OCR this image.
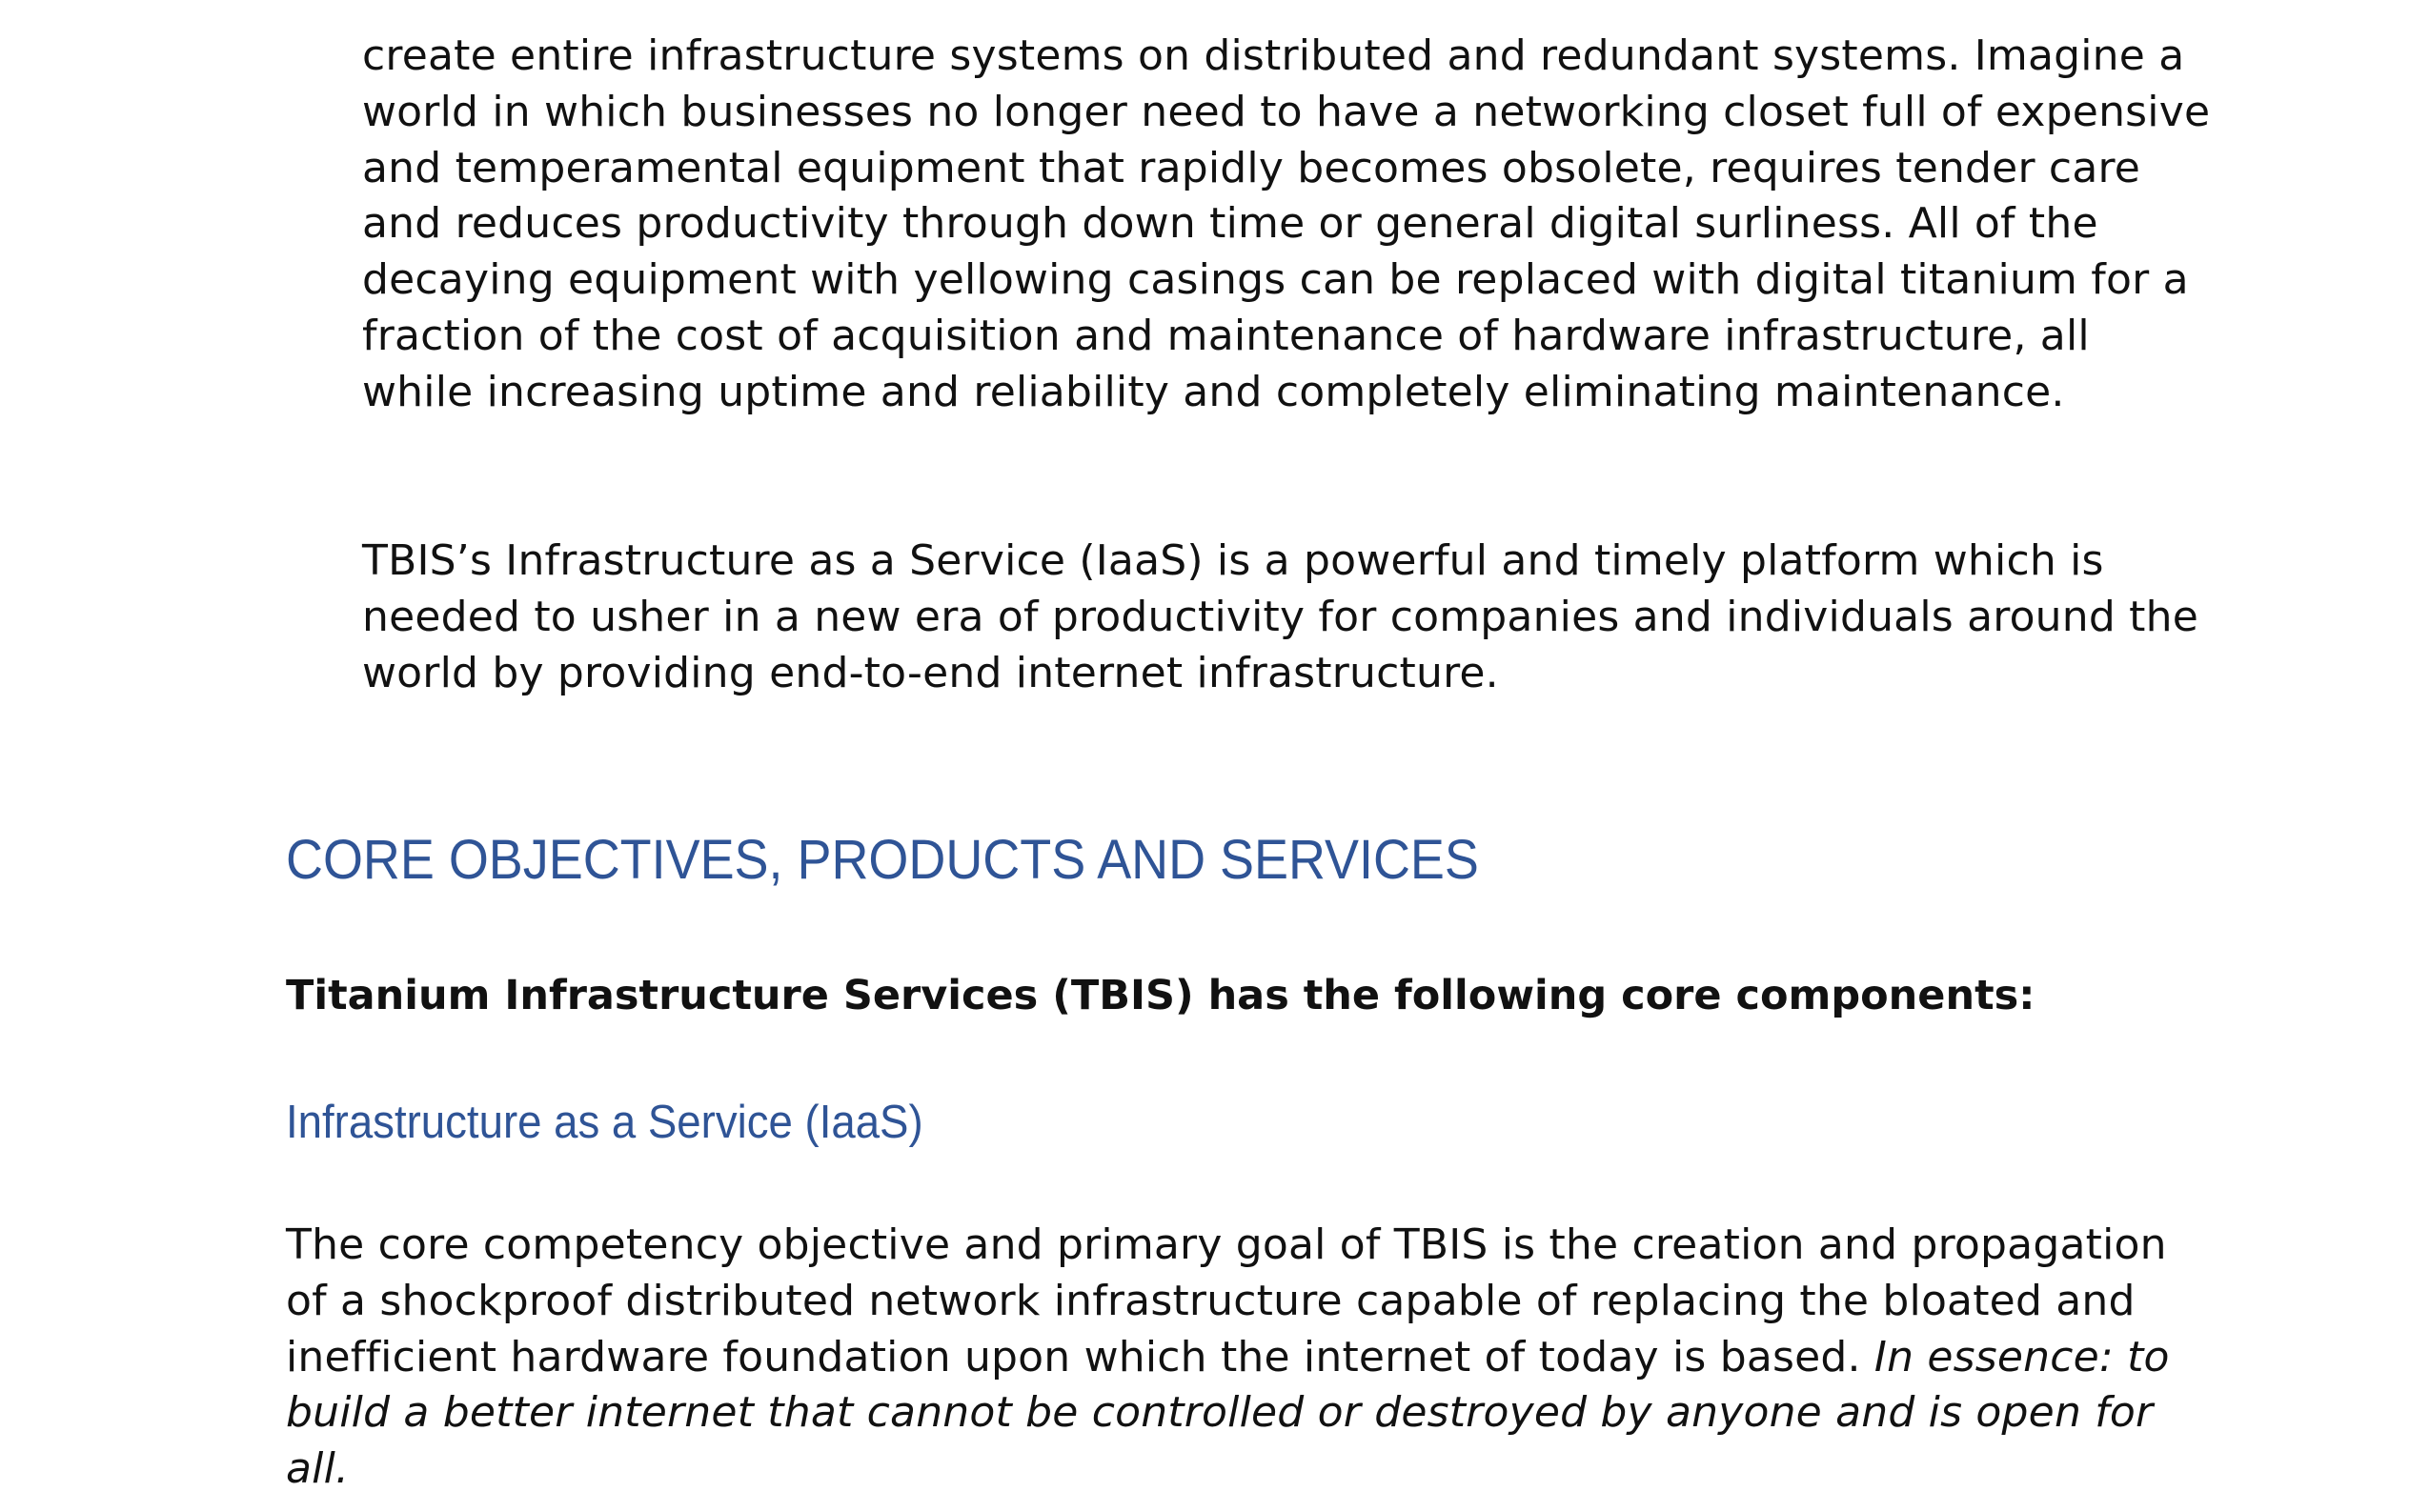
create entire infrastructure systems on distributed and redundant systems. Imagine a world in which businesses no longer need to have a networking closet full of expensive and temperamental equipment that rapidly becomes obsolete, requires tender care and reduces productivity through down time or general digital surliness. All of the decaying equipment with yellowing casings can be replaced with digital titanium for a fraction of the cost of acquisition and maintenance of hardware infrastructure, all while increasing uptime and reliability and completely eliminating maintenance.

TBIS’s Infrastructure as a Service (IaaS) is a powerful and timely platform which is needed to usher in a new era of productivity for companies and individuals around the world by providing end-to-end internet infrastructure.

CORE OBJECTIVES, PRODUCTS AND SERVICES

Titanium Infrastructure Services (TBIS) has the following core components:

Infrastructure as a Service (IaaS)

The core competency objective and primary goal of TBIS is the creation and propagation of a shockproof distributed network infrastructure capable of replacing the bloated and inefficient hardware foundation upon which the internet of today is based. In essence: to build a better internet that cannot be controlled or destroyed by anyone and is open for all.
